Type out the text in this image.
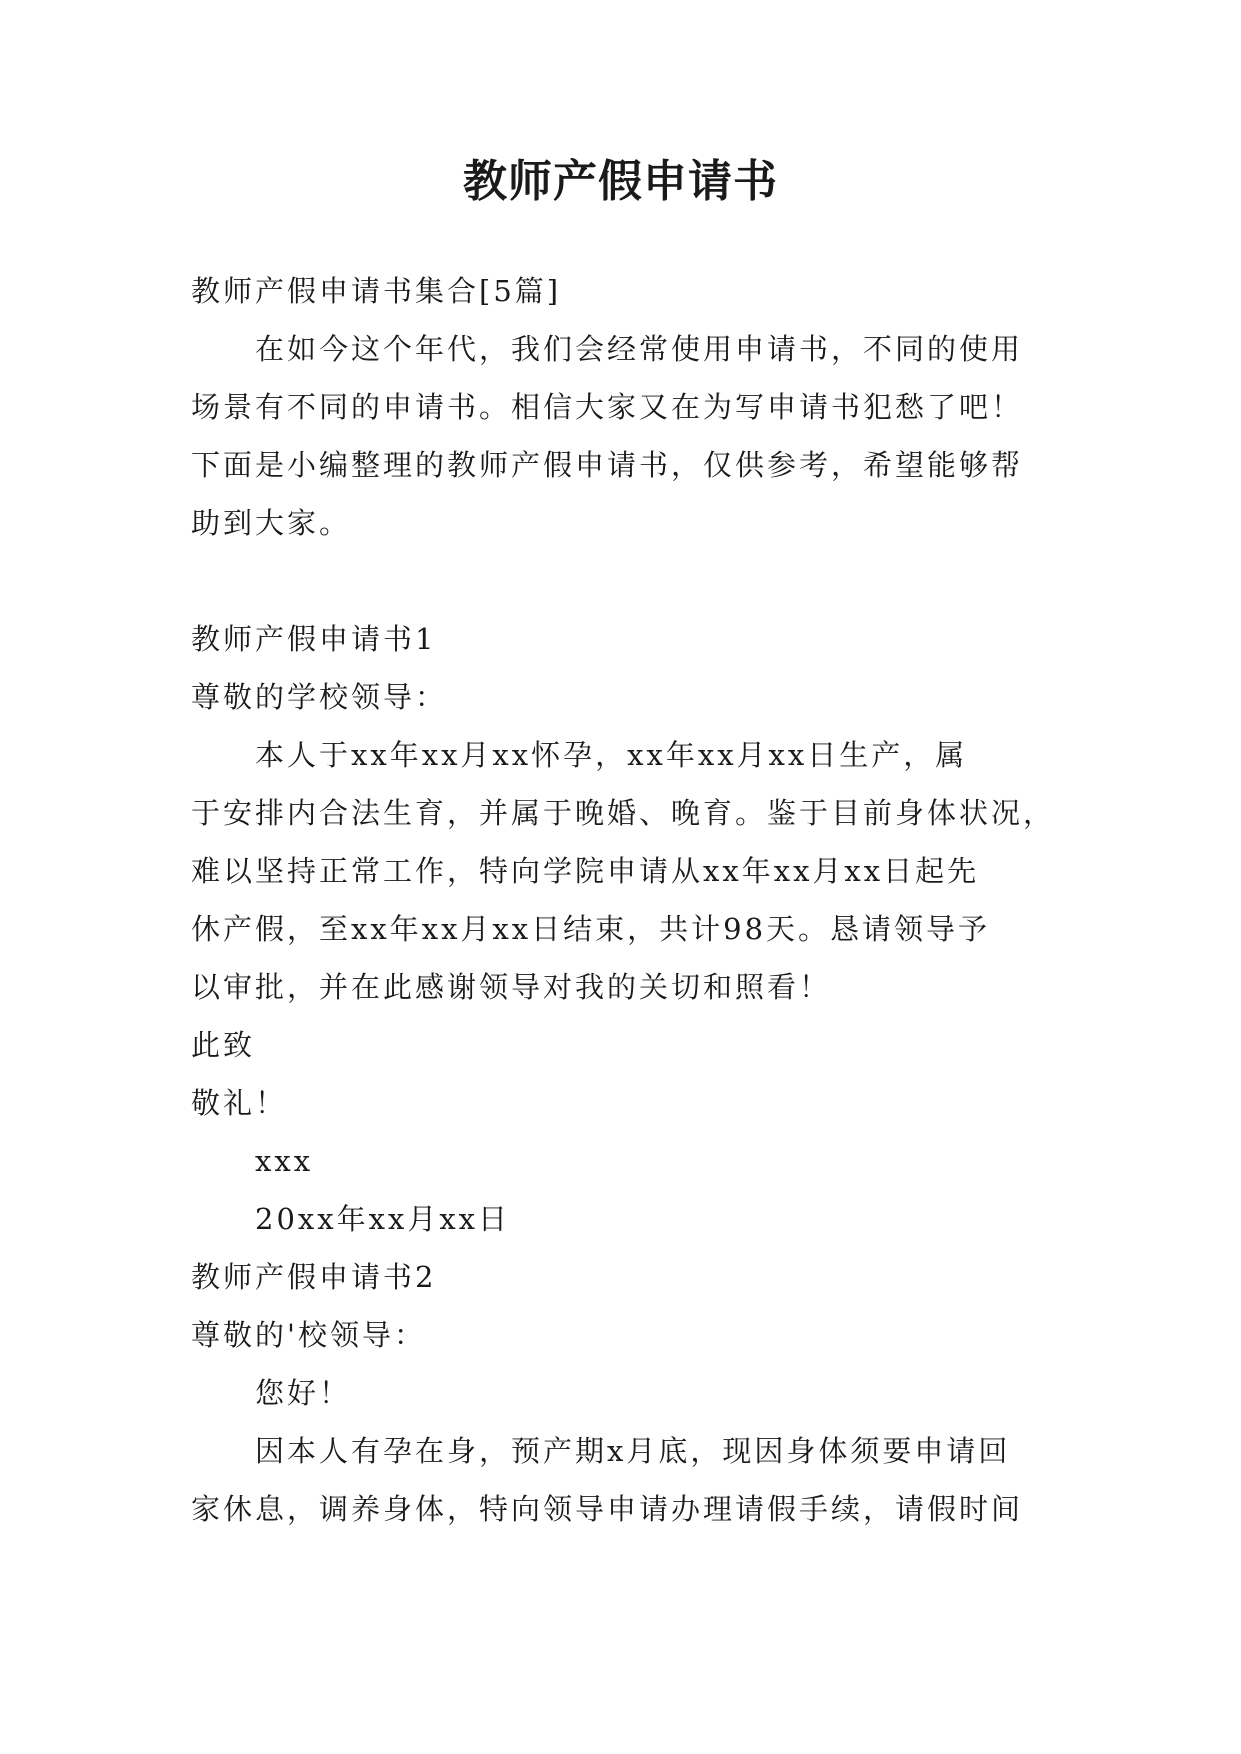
教师产假申请书
教师产假申请书集合[5篇]
在如今这个年代，我们会经常使用申请书，不同的使用
场景有不同的申请书。相信大家又在为写申请书犯愁了吧！
下面是小编整理的教师产假申请书，仅供参考，希望能够帮
助到大家。
教师产假申请书1
尊敬的学校领导：
本人于xx年xx月xx怀孕，xx年xx月xx日生产，属
于安排内合法生育，并属于晚婚、晚育。鉴于目前身体状况，
难以坚持正常工作，特向学院申请从xx年xx月xx日起先
休产假，至xx年xx月xx日结束，共计98天。恳请领导予
以审批，并在此感谢领导对我的关切和照看！
此致
敬礼！
xxx
20xx年xx月xx日
教师产假申请书2
尊敬的'校领导：
您好！
因本人有孕在身，预产期x月底，现因身体须要申请回
家休息，调养身体，特向领导申请办理请假手续，请假时间
